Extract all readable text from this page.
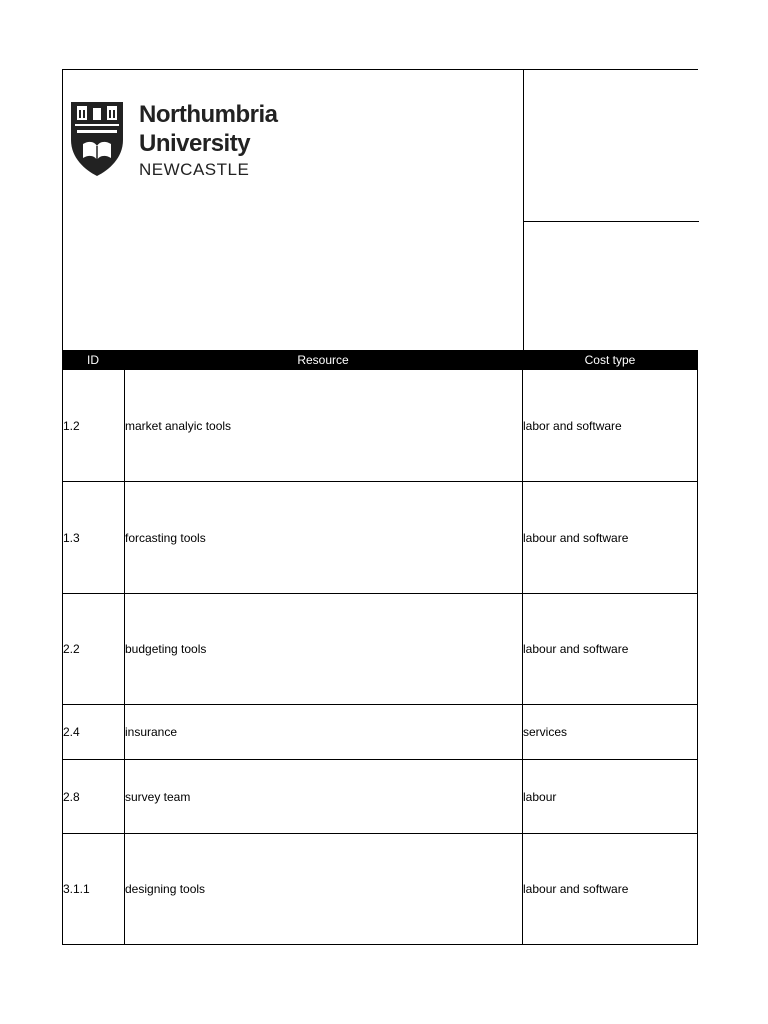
Northumbria
University
NEWCASTLE
ID	Resource	Cost type
1.2	market analyic tools	labor and software
1.3	forcasting tools	labour and software
2.2	budgeting tools	labour and software
2.4	insurance	services
2.8	survey team	labour
3.1.1	designing tools	labour and software
